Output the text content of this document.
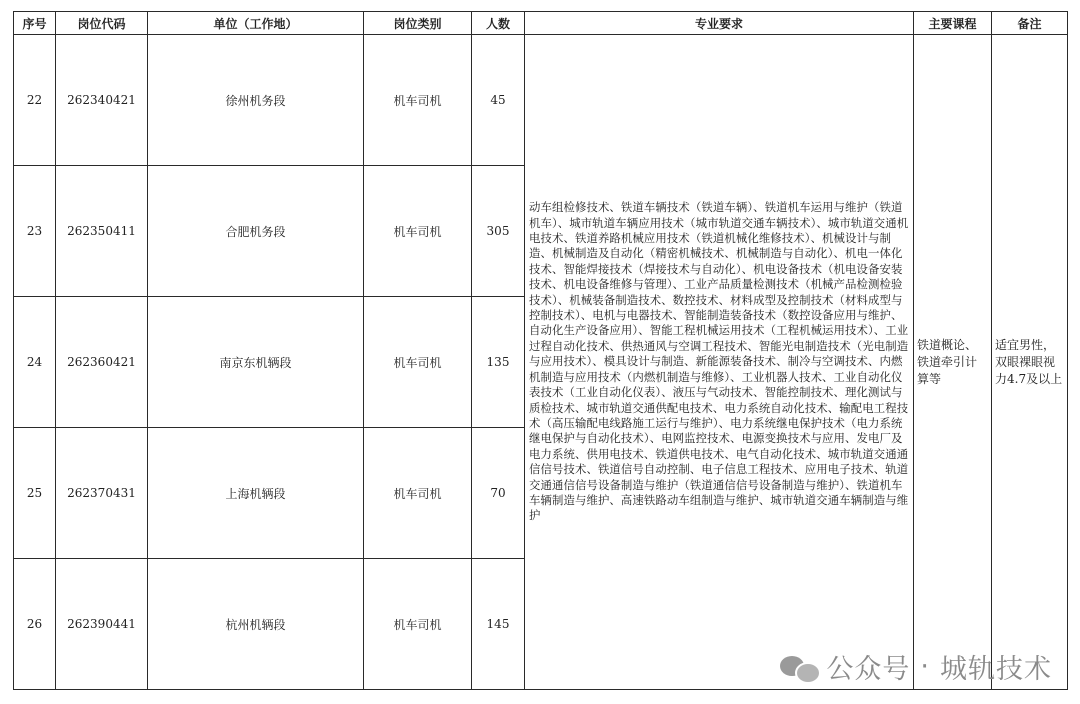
序号	岗位代码	单位（工作地）	岗位类别	人数	专业要求	主要课程	备注
22	262340421	徐州机务段	机车司机	45	动车组检修技术、铁道车辆技术（铁道车辆）、铁道机车运用与维护（铁道机车）、城市轨道车辆应用技术（城市轨道交通车辆技术）、城市轨道交通机电技术、铁道养路机械应用技术（铁道机械化维修技术）、机械设计与制造、机械制造及自动化（精密机械技术、机械制造与自动化）、机电一体化技术、智能焊接技术（焊接技术与自动化）、机电设备技术（机电设备安装技术、机电设备维修与管理）、工业产品质量检测技术（机械产品检测检验技术）、机械装备制造技术、数控技术、材料成型及控制技术（材料成型与控制技术）、电机与电器技术、智能制造装备技术（数控设备应用与维护、自动化生产设备应用）、智能工程机械运用技术（工程机械运用技术）、工业过程自动化技术、供热通风与空调工程技术、智能光电制造技术（光电制造与应用技术）、模具设计与制造、新能源装备技术、制冷与空调技术、内燃机制造与应用技术（内燃机制造与维修）、工业机器人技术、工业自动化仪表技术（工业自动化仪表）、液压与气动技术、智能控制技术、理化测试与质检技术、城市轨道交通供配电技术、电力系统自动化技术、输配电工程技术（高压输配电线路施工运行与维护）、电力系统继电保护技术（电力系统继电保护与自动化技术）、电网监控技术、电源变换技术与应用、发电厂及电力系统、供用电技术、铁道供电技术、电气自动化技术、城市轨道交通通信信号技术、铁道信号自动控制、电子信息工程技术、应用电子技术、轨道交通通信信号设备制造与维护（铁道通信信号设备制造与维护）、铁道机车车辆制造与维护、高速铁路动车组制造与维护、城市轨道交通车辆制造与维护	铁道概论、铁道牵引计算等	适宜男性，双眼裸眼视力4.7及以上
23	262350411	合肥机务段	机车司机	305			
24	262360421	南京东机辆段	机车司机	135			
25	262370431	上海机辆段	机车司机	70			
26	262390441	杭州机辆段	机车司机	145			
公众号 · 城轨技术
